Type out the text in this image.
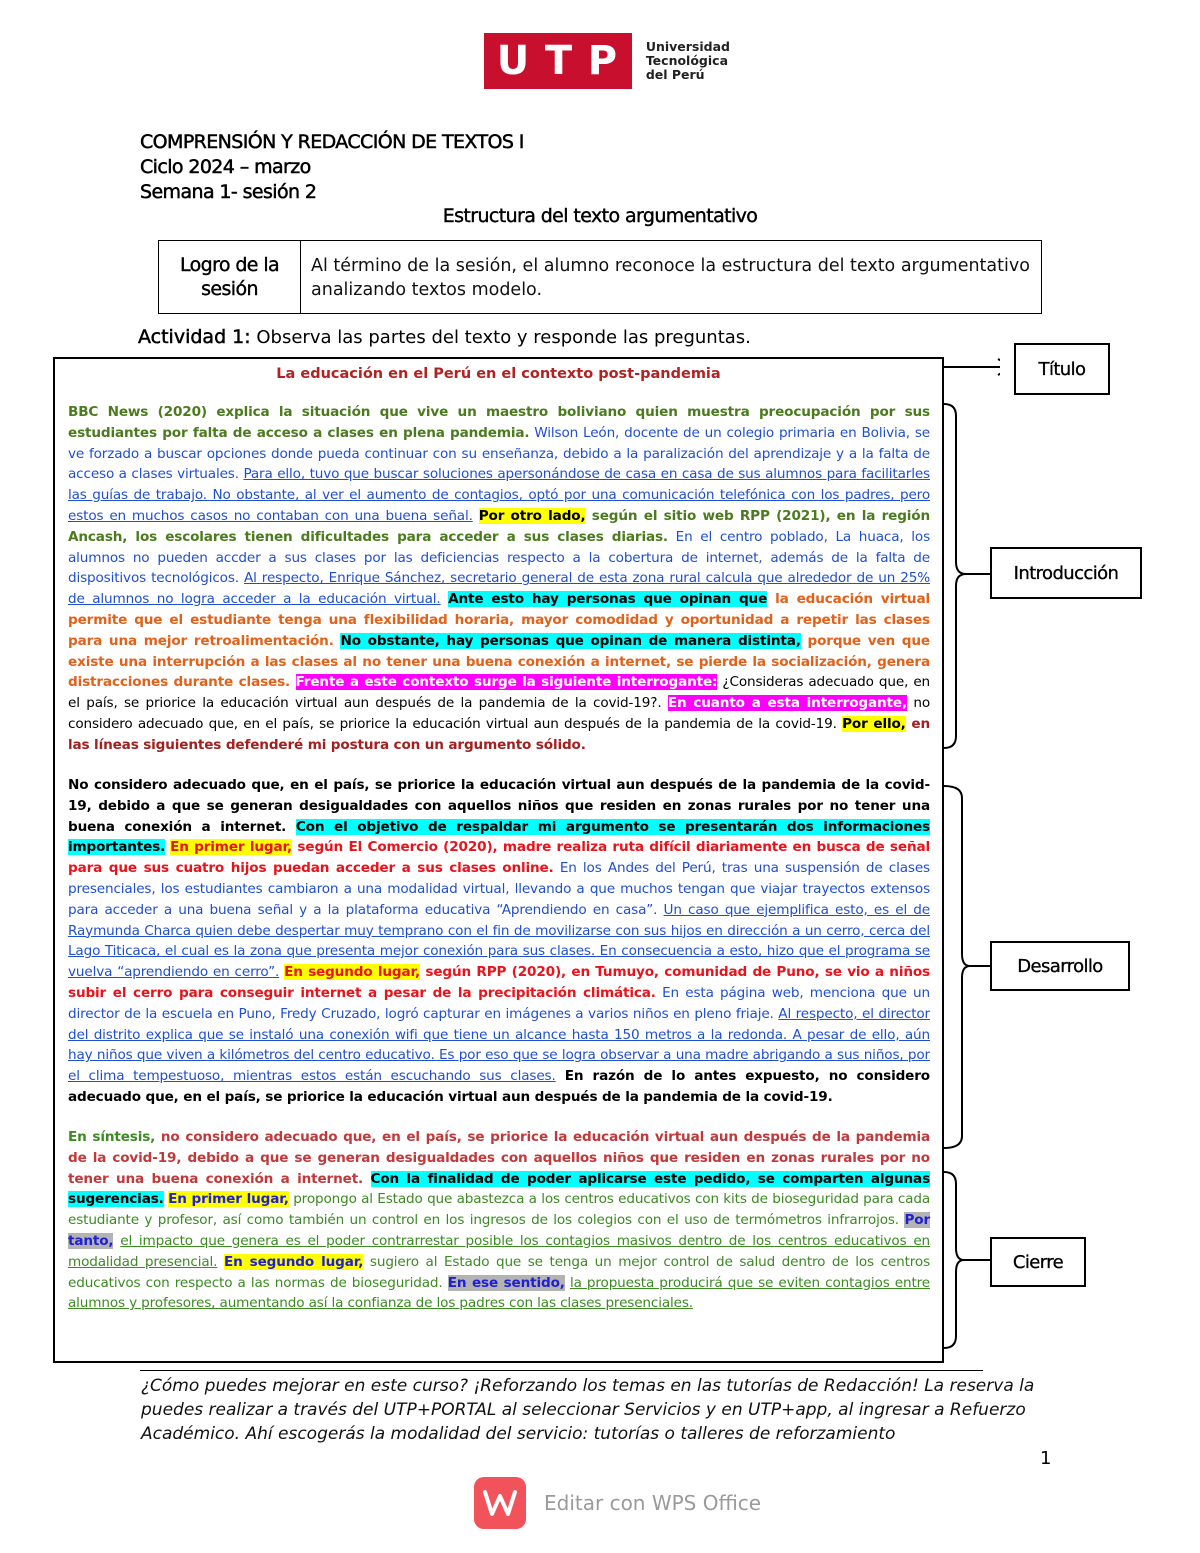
U T P Universidad
Tecnológica
del Perú
COMPRENSIÓN Y REDACCIÓN DE TEXTOS I
Ciclo 2024 – marzo
Semana 1- sesión 2
Estructura del texto argumentativo
Logro de la sesión
Al término de la sesión, el alumno reconoce la estructura del texto argumentativo analizando textos modelo.
Actividad 1: Observa las partes del texto y responde las preguntas.
La educación en el Perú en el contexto post-pandemia
BBC News (2020) explica la situación que vive un maestro boliviano quien muestra preocupación por sus estudiantes por falta de acceso a clases en plena pandemia. Wilson León, docente de un colegio primaria en Bolivia, se ve forzado a buscar opciones donde pueda continuar con su enseñanza, debido a la paralización del aprendizaje y a la falta de acceso a clases virtuales. Para ello, tuvo que buscar soluciones apersonándose de casa en casa de sus alumnos para facilitarles las guías de trabajo. No obstante, al ver el aumento de contagios, optó por una comunicación telefónica con los padres, pero estos en muchos casos no contaban con una buena señal. Por otro lado, según el sitio web RPP (2021), en la región Ancash, los escolares tienen dificultades para acceder a sus clases diarias. En el centro poblado, La huaca, los alumnos no pueden accder a sus clases por las deficiencias respecto a la cobertura de internet, además de la falta de dispositivos tecnológicos. Al respecto, Enrique Sánchez, secretario general de esta zona rural calcula que alrededor de un 25% de alumnos no logra acceder a la educación virtual. Ante esto hay personas que opinan que la educación virtual permite que el estudiante tenga una flexibilidad horaria, mayor comodidad y oportunidad a repetir las clases para una mejor retroalimentación. No obstante, hay personas que opinan de manera distinta, porque ven que existe una interrupción a las clases al no tener una buena conexión a internet, se pierde la socialización, genera distracciones durante clases. Frente a este contexto surge la siguiente interrogante: ¿Consideras adecuado que, en el país, se priorice la educación virtual aun después de la pandemia de la covid-19?. En cuanto a esta interrogante, no considero adecuado que, en el país, se priorice la educación virtual aun después de la pandemia de la covid-19. Por ello, en las líneas siguientes defenderé mi postura con un argumento sólido.
No considero adecuado que, en el país, se priorice la educación virtual aun después de la pandemia de la covid-19, debido a que se generan desigualdades con aquellos niños que residen en zonas rurales por no tener una buena conexión a internet. Con el objetivo de respaldar mi argumento se presentarán dos informaciones importantes. En primer lugar, según El Comercio (2020), madre realiza ruta difícil diariamente en busca de señal para que sus cuatro hijos puedan acceder a sus clases online. En los Andes del Perú, tras una suspensión de clases presenciales, los estudiantes cambiaron a una modalidad virtual, llevando a que muchos tengan que viajar trayectos extensos para acceder a una buena señal y a la plataforma educativa “Aprendiendo en casa”. Un caso que ejemplifica esto, es el de Raymunda Charca quien debe despertar muy temprano con el fin de movilizarse con sus hijos en dirección a un cerro, cerca del Lago Titicaca, el cual es la zona que presenta mejor conexión para sus clases. En consecuencia a esto, hizo que el programa se vuelva “aprendiendo en cerro”. En segundo lugar, según RPP (2020), en Tumuyo, comunidad de Puno, se vio a niños subir el cerro para conseguir internet a pesar de la precipitación climática. En esta página web, menciona que un director de la escuela en Puno, Fredy Cruzado, logró capturar en imágenes a varios niños en pleno friaje. Al respecto, el director del distrito explica que se instaló una conexión wifi que tiene un alcance hasta 150 metros a la redonda. A pesar de ello, aún hay niños que viven a kilómetros del centro educativo. Es por eso que se logra observar a una madre abrigando a sus niños, por el clima tempestuoso, mientras estos están escuchando sus clases. En razón de lo antes expuesto, no considero adecuado que, en el país, se priorice la educación virtual aun después de la pandemia de la covid-19.
En síntesis, no considero adecuado que, en el país, se priorice la educación virtual aun después de la pandemia de la covid-19, debido a que se generan desigualdades con aquellos niños que residen en zonas rurales por no tener una buena conexión a internet. Con la finalidad de poder aplicarse este pedido, se comparten algunas sugerencias. En primer lugar, propongo al Estado que abastezca a los centros educativos con kits de bioseguridad para cada estudiante y profesor, así como también un control en los ingresos de los colegios con el uso de termómetros infrarrojos. Por tanto, el impacto que genera es el poder contrarrestar posible los contagios masivos dentro de los centros educativos en modalidad presencial. En segundo lugar, sugiero al Estado que se tenga un mejor control de salud dentro de los centros educativos con respecto a las normas de bioseguridad. En ese sentido, la propuesta producirá que se eviten contagios entre alumnos y profesores, aumentando así la confianza de los padres con las clases presenciales.
Título
Introducción
Desarrollo
Cierre
¿Cómo puedes mejorar en este curso? ¡Reforzando los temas en las tutorías de Redacción! La reserva la puedes realizar a través del UTP+PORTAL al seleccionar Servicios y en UTP+app, al ingresar a Refuerzo Académico. Ahí escogerás la modalidad del servicio: tutorías o talleres de reforzamiento
1
Editar con WPS Office
